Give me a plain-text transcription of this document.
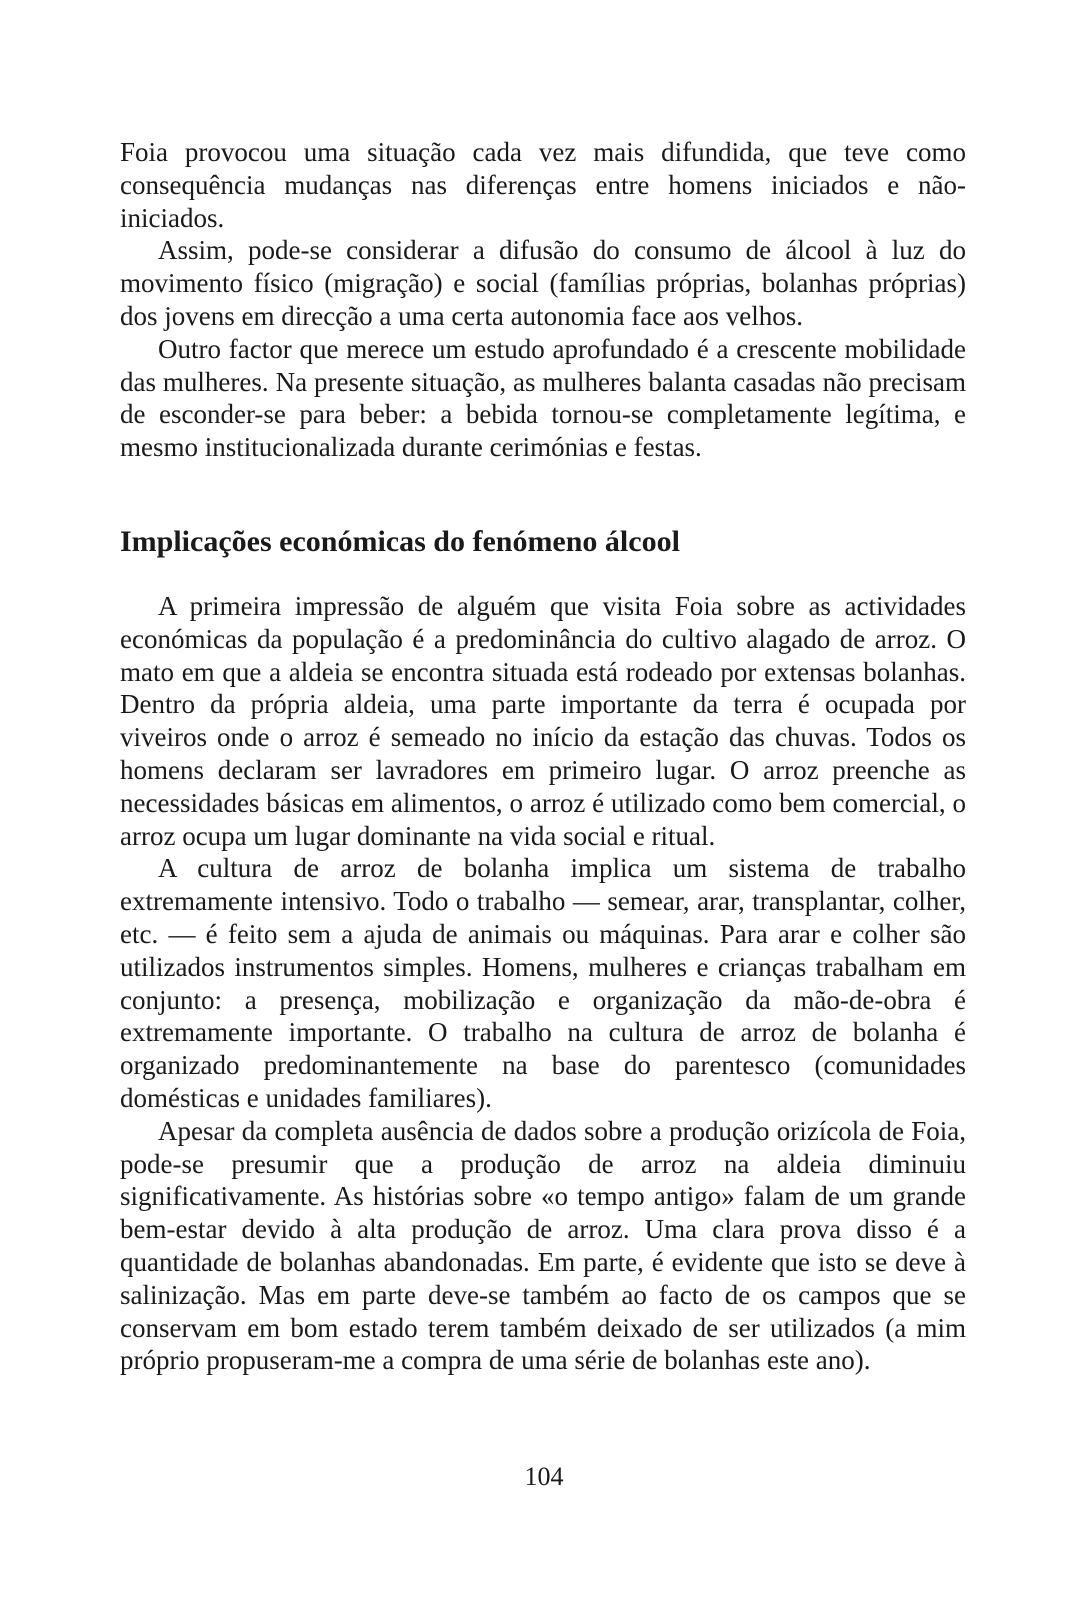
Foia provocou uma situação cada vez mais difundida, que teve como consequência mudanças nas diferenças entre homens iniciados e não-iniciados.

Assim, pode-se considerar a difusão do consumo de álcool à luz do movimento físico (migração) e social (famílias próprias, bolanhas próprias) dos jovens em direcção a uma certa autonomia face aos velhos.

Outro factor que merece um estudo aprofundado é a crescente mobilidade das mulheres. Na presente situação, as mulheres balanta casadas não precisam de esconder-se para beber: a bebida tornou-se completamente legítima, e mesmo institucionalizada durante cerimónias e festas.

Implicações económicas do fenómeno álcool

A primeira impressão de alguém que visita Foia sobre as actividades económicas da população é a predominância do cultivo alagado de arroz. O mato em que a aldeia se encontra situada está rodeado por extensas bolanhas. Dentro da própria aldeia, uma parte importante da terra é ocupada por viveiros onde o arroz é semeado no início da estação das chuvas. Todos os homens declaram ser lavradores em primeiro lugar. O arroz preenche as necessidades básicas em alimentos, o arroz é utilizado como bem comercial, o arroz ocupa um lugar dominante na vida social e ritual.

A cultura de arroz de bolanha implica um sistema de trabalho extremamente intensivo. Todo o trabalho — semear, arar, transplantar, colher, etc. — é feito sem a ajuda de animais ou máquinas. Para arar e colher são utilizados instrumentos simples. Homens, mulheres e crianças trabalham em conjunto: a presença, mobilização e organização da mão-de-obra é extremamente importante. O trabalho na cultura de arroz de bolanha é organizado predominantemente na base do parentesco (comunidades domésticas e unidades familiares).

Apesar da completa ausência de dados sobre a produção orizícola de Foia, pode-se presumir que a produção de arroz na aldeia diminuiu significativamente. As histórias sobre «o tempo antigo» falam de um grande bem-estar devido à alta produção de arroz. Uma clara prova disso é a quantidade de bolanhas abandonadas. Em parte, é evidente que isto se deve à salinização. Mas em parte deve-se também ao facto de os campos que se conservam em bom estado terem também deixado de ser utilizados (a mim próprio propuseram-me a compra de uma série de bolanhas este ano).

104
